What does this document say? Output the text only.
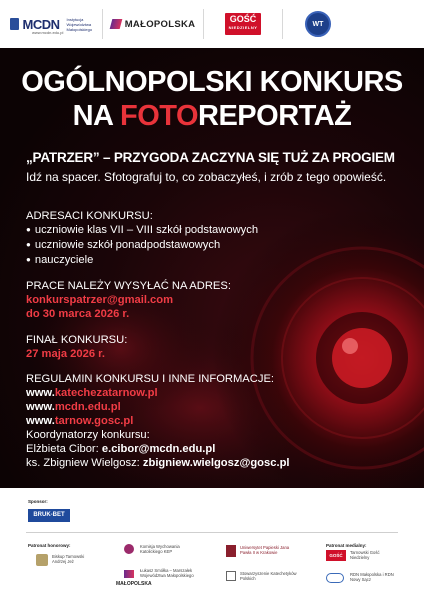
MCDN Instytucja Województwa Małopolskiego
www.mcdn.edu.pl
MAŁOPOLSKA	GOŚĆ
NIEDZIELNY	WT
OGÓLNOPOLSKI KONKURS
NA FOTOREPORTAŻ
„PATRZER” – PRZYGODA ZACZYNA SIĘ TUŻ ZA PROGIEM
Idź na spacer. Sfotografuj to, co zobaczyłeś, i zrób z tego opowieść.
ADRESACI KONKURSU:
● uczniowie klas VII – VIII szkół podstawowych
● uczniowie szkół ponadpodstawowych
● nauczyciele
PRACE NALEŻY WYSYŁAĆ NA ADRES:
konkurspatrzer@gmail.com
do 30 marca 2026 r.
FINAŁ KONKURSU:
27 maja 2026 r.
REGULAMIN KONKURSU I INNE INFORMACJE:
www.katechezatarnow.pl
www.mcdn.edu.pl
www.tarnow.gosc.pl
Koordynatorzy konkursu:
Elżbieta Cibor: e.cibor@mcdn.edu.pl
ks. Zbigniew Wielgosz: zbigniew.wielgosz@gosc.pl
Sponsor:
BRUK-BET
Patronat honorowy:	Patronat medialny:
Biskup Tarnowski Andrzej Jeż
Komisja Wychowania Katolickiego KEP
Uniwersytet Papieski Jana Pawła II w Krakowie
GOŚĆ
Tarnowski Gość Niedzielny
MAŁOPOLSKA
Łukasz Smółka – Marszałek Województwa Małopolskiego	Stowarzyszenie Katechetyków Polskich
RDN Małopolska i RDN Nowy Sącz
